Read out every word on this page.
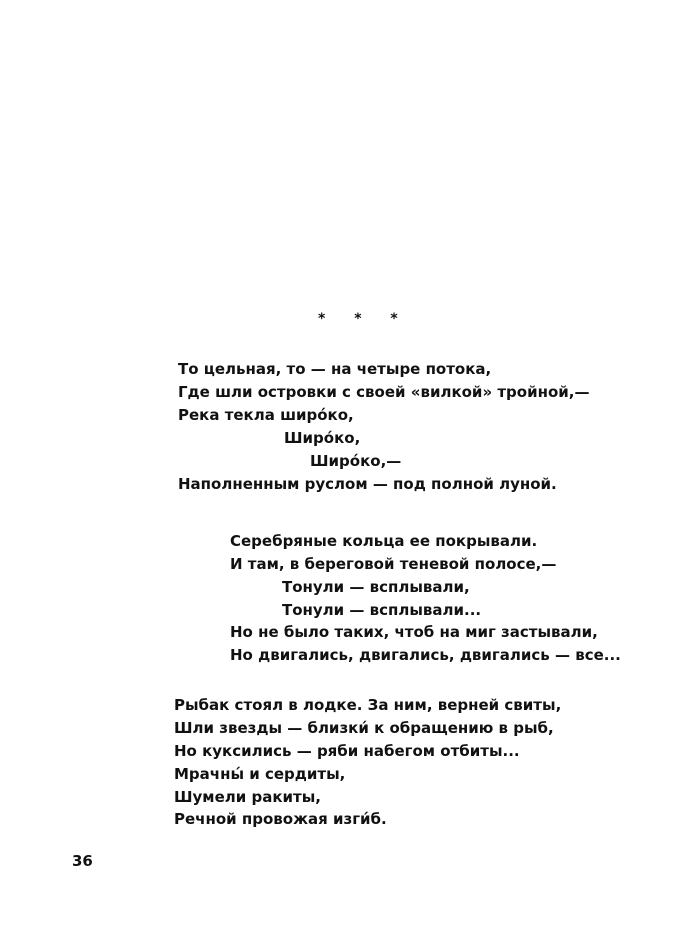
* * *
То цельная, то — на четыре потока,
Где шли островки с своей «вилкой» тройной,—
Река текла широ́ко,
Широ́ко,
Широ́ко,—
Наполненным руслом — под полной луной.
Серебряные кольца ее покрывали.
И там, в береговой теневой полосе,—
Тонули — всплывали,
Тонули — всплывали...
Но не было таких, чтоб на миг застывали,
Но двигались, двигались, двигались — все...
Рыбак стоял в лодке. За ним, верней свиты,
Шли звезды — близки́ к обращению в рыб,
Но куксились — ряби набегом отбиты...
Мрачны́ и сердиты,
Шумели ракиты,
Речной провожая изги́б.
36
